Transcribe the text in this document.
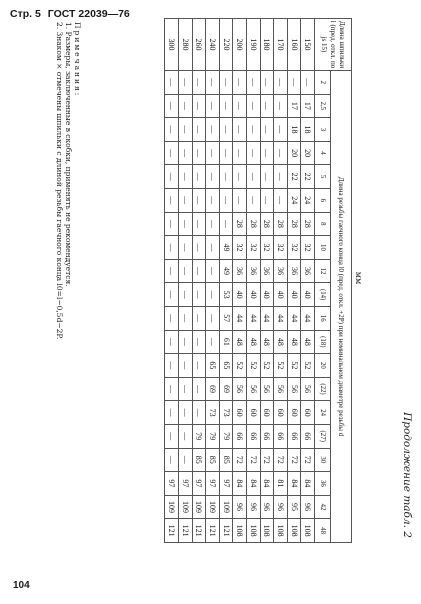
Стр. 5 ГОСТ 22039—76
Продолжение табл. 2
мм
Длина шпильки l (пред. откл. по js 15)	Длина резьбы гаечного конца l0 (пред. откл. +2P) при номинальном диаметре резьбы d																			
	2	2,5	3	4	5	6	8	10	12	(14)	16	(18)	20	(22)	24	(27)	30	36	42	48
150	—	17	18	20	22	24	28	32	36	40	44	48	52	56	60	66	72	84	96	108
160	—	17	18	20	22	24	28	32	36	40	44	48	52	56	60	66	72	84	95	108
170	—	—	—	—	—	—	28	32	36	40	44	48	52	56	60	66	72	81	96	108
180	—	—	—	—	—	—	28	32	36	40	44	48	52	56	60	66	72	84	96	108
190	—	—	—	—	—	—	28	32	36	40	44	48	52	56	60	66	72	84	96	108
200	—	—	—	—	—	—	28	32	36	40	44	48	52	56	60	66	72	84	96	108
220	—	—	—	—	—	—	—	49	49	53	57	61	65	69	73	79	85	97	109	121
240	—	—	—	—	—	—	—	—	—	—	—	—	65	69	73	79	85	97	109	121
260	—	—	—	—	—	—	—	—	—	—	—	—	—	—	—	79	85	97	109	121
280	—	—	—	—	—	—	—	—	—	—	—	—	—	—	—	—	—	97	109	121
300	—	—	—	—	—	—	—	—	—	—	—	—	—	—	—	—	—	97	109	121
Примечания:
1. Размеры, заключенные в скобки, применять не рекомендуется.
2. Знаком × отмечены шпильки с длиной резьбы гаечного конца l0=l−0,5d−2P.
104
